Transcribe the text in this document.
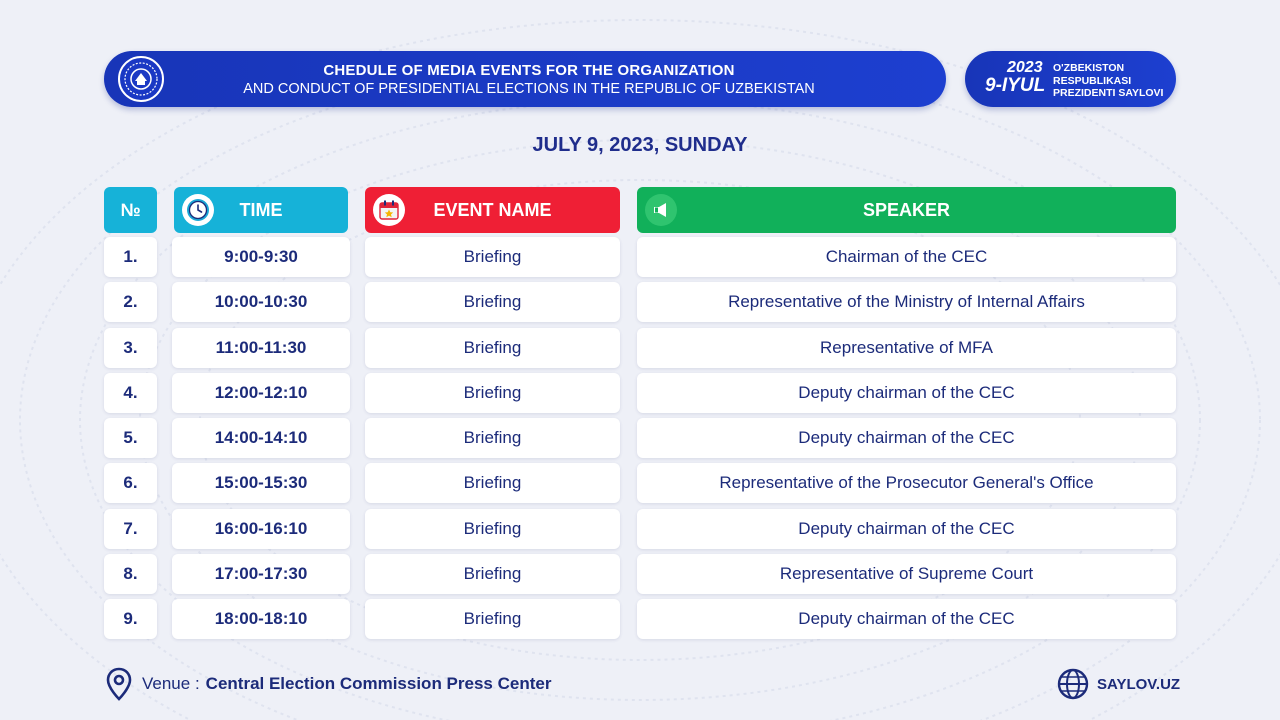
CHEDULE OF MEDIA EVENTS FOR THE ORGANIZATION
AND CONDUCT OF PRESIDENTIAL ELECTIONS IN THE REPUBLIC OF UZBEKISTAN
2023
9-IYUL
O'ZBEKISTON
RESPUBLIKASI
PREZIDENTI SAYLOVI
JULY 9, 2023, SUNDAY
№	TIME	EVENT NAME	SPEAKER
1.	9:00-9:30	Briefing	Chairman of the CEC
2.	10:00-10:30	Briefing	Representative of the Ministry of Internal Affairs
3.	11:00-11:30	Briefing	Representative of MFA
4.	12:00-12:10	Briefing	Deputy chairman of the CEC
5.	14:00-14:10	Briefing	Deputy chairman of the CEC
6.	15:00-15:30	Briefing	Representative of the Prosecutor General's Office
7.	16:00-16:10	Briefing	Deputy chairman of the CEC
8.	17:00-17:30	Briefing	Representative of Supreme Court
9.	18:00-18:10	Briefing	Deputy chairman of the CEC
Venue : Central Election Commission Press Center	SAYLOV.UZ
